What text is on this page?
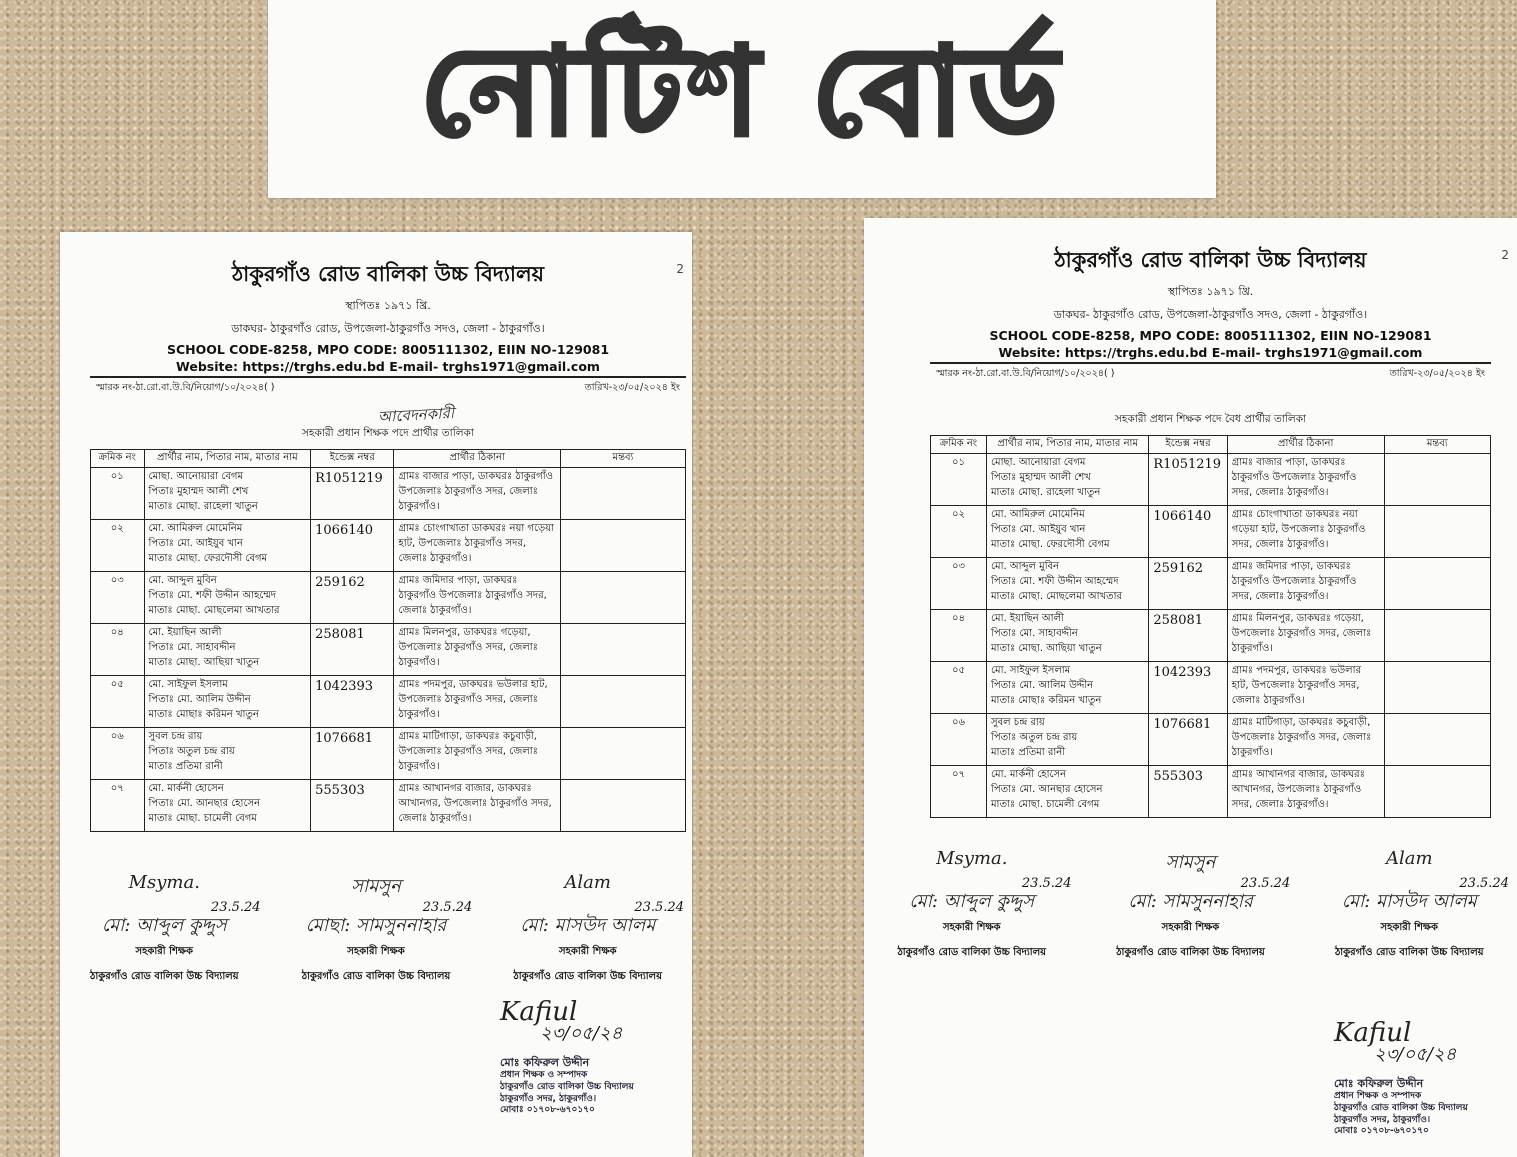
নোটিশ বোর্ড
2
ঠাকুরগাঁও রোড বালিকা উচ্চ বিদ্যালয়
স্থাপিতঃ ১৯৭১ খ্রি.
ডাকঘর- ঠাকুরগাঁও রোড, উপজেলা-ঠাকুরগাঁও সদও, জেলা - ঠাকুরগাঁও।
SCHOOL CODE-8258, MPO CODE: 8005111302, EIIN NO-129081
Website: https://trghs.edu.bd E-mail- trghs1971@gmail.com
স্মারক নং-ঠা.রো.বা.উ.বি/নিয়োগ/১০/২০২৪( )	তারিখ-২৩/০৫/২০২৪ ইং
সহকারী প্রধান শিক্ষক পদে প্রার্থীর তালিকা
আবেদনকারী
ক্রমিক নং	প্রার্থীর নাম, পিতার নাম, মাতার নাম	ইন্ডেক্স নম্বর	প্রার্থীর ঠিকানা	মন্তব্য
০১	মোছা. আনোয়ারা বেগম
পিতাঃ মুহাম্মদ আলী শেখ
মাতাঃ মোছা. রাহেলা খাতুন	R1051219	গ্রামঃ বাজার পাড়া, ডাকঘরঃ ঠাকুরগাঁও উপজেলাঃ ঠাকুরগাঁও সদর, জেলাঃ ঠাকুরগাঁও।	
০২	মো. আমিরুল মোমেনিম
পিতাঃ মো. আইয়ুব খান
মাতাঃ মোছা. ফেরদৌসী বেগম	1066140	গ্রামঃ চোংগাখাতা ডাকঘরঃ নয়া গড়েয়া হাট, উপজেলাঃ ঠাকুরগাঁও সদর, জেলাঃ ঠাকুরগাঁও।	
০৩	মো. আব্দুল মুবিন
পিতাঃ মো. শফী উদ্দীন আহম্মেদ
মাতাঃ মোছা. মোছলেমা আখতার	259162	গ্রামঃ জমিদার পাড়া, ডাকঘরঃ ঠাকুরগাঁও উপজেলাঃ ঠাকুরগাঁও সদর, জেলাঃ ঠাকুরগাঁও।	
০৪	মো. ইয়াছিন আলী
পিতাঃ মো. সাহাবদ্দীন
মাতাঃ মোছা. আছিয়া খাতুন	258081	গ্রামঃ মিলনপুর, ডাকঘরঃ গড়েয়া, উপজেলাঃ ঠাকুরগাঁও সদর, জেলাঃ ঠাকুরগাঁও।	
০৫	মো. সাইফুল ইসলাম
পিতাঃ মো. আলিম উদ্দীন
মাতাঃ মোছাঃ করিমন খাতুন	1042393	গ্রামঃ পদমপুর, ডাকঘরঃ ভউলার হাট, উপজেলাঃ ঠাকুরগাঁও সদর, জেলাঃ ঠাকুরগাঁও।	
০৬	সুবল চন্দ্র রায়
পিতাঃ অতুল চন্দ্র রায়
মাতাঃ প্রতিমা রানী	1076681	গ্রামঃ মাটিগাড়া, ডাকঘরঃ কচুবাড়ী, উপজেলাঃ ঠাকুরগাঁও সদর, জেলাঃ ঠাকুরগাঁও।	
০৭	মো. মার্কনী হোসেন
পিতাঃ মো. আনছার হোসেন
মাতাঃ মোছা. চামেলী বেগম	555303	গ্রামঃ আখানগর বাজার, ডাকঘরঃ আখানগর, উপজেলাঃ ঠাকুরগাঁও সদর, জেলাঃ ঠাকুরগাঁও।	
Msyma.
23.5.24
মো: আব্দুল কুদ্দুস
সহকারী শিক্ষক
ঠাকুরগাঁও রোড বালিকা উচ্চ বিদ্যালয়
সামসুন
23.5.24
মোছা: সামসুননাহার
সহকারী শিক্ষক
ঠাকুরগাঁও রোড বালিকা উচ্চ বিদ্যালয়
Alam
23.5.24
মো: মাসউদ আলম
সহকারী শিক্ষক
ঠাকুরগাঁও রোড বালিকা উচ্চ বিদ্যালয়
Kafiul
২৩/০৫/২৪
মোঃ কফিরুল উদ্দীন
প্রধান শিক্ষক ও সম্পাদক
ঠাকুরগাঁও রোড বালিকা উচ্চ বিদ্যালয়
ঠাকুরগাঁও সদর, ঠাকুরগাঁও।
মোবাঃ ০১৭০৮-৬৭০১৭০
2
ঠাকুরগাঁও রোড বালিকা উচ্চ বিদ্যালয়
স্থাপিতঃ ১৯৭১ খ্রি.
ডাকঘর- ঠাকুরগাঁও রোড, উপজেলা-ঠাকুরগাঁও সদও, জেলা - ঠাকুরগাঁও।
SCHOOL CODE-8258, MPO CODE: 8005111302, EIIN NO-129081
Website: https://trghs.edu.bd E-mail- trghs1971@gmail.com
স্মারক নং-ঠা.রো.বা.উ.বি/নিয়োগ/১০/২০২৪( )	তারিখ-২৩/০৫/২০২৪ ইং
সহকারী প্রধান শিক্ষক পদে বৈধ প্রার্থীর তালিকা
ক্রমিক নং	প্রার্থীর নাম, পিতার নাম, মাতার নাম	ইন্ডেক্স নম্বর	প্রার্থীর ঠিকানা	মন্তব্য
০১	মোছা. আনোয়ারা বেগম
পিতাঃ মুহাম্মদ আলী শেখ
মাতাঃ মোছা. রাহেলা খাতুন	R1051219	গ্রামঃ বাজার পাড়া, ডাকঘরঃ ঠাকুরগাঁও উপজেলাঃ ঠাকুরগাঁও সদর, জেলাঃ ঠাকুরগাঁও।	
০২	মো. আমিরুল মোমেনিম
পিতাঃ মো. আইয়ুব খান
মাতাঃ মোছা. ফেরদৌসী বেগম	1066140	গ্রামঃ চোংগাখাতা ডাকঘরঃ নয়া গড়েয়া হাট, উপজেলাঃ ঠাকুরগাঁও সদর, জেলাঃ ঠাকুরগাঁও।	
০৩	মো. আব্দুল মুবিন
পিতাঃ মো. শফী উদ্দীন আহম্মেদ
মাতাঃ মোছা. মোছলেমা আখতার	259162	গ্রামঃ জমিদার পাড়া, ডাকঘরঃ ঠাকুরগাঁও উপজেলাঃ ঠাকুরগাঁও সদর, জেলাঃ ঠাকুরগাঁও।	
০৪	মো. ইয়াছিন আলী
পিতাঃ মো. সাহাবদ্দীন
মাতাঃ মোছা. আছিয়া খাতুন	258081	গ্রামঃ মিলনপুর, ডাকঘরঃ গড়েয়া, উপজেলাঃ ঠাকুরগাঁও সদর, জেলাঃ ঠাকুরগাঁও।	
০৫	মো. সাইফুল ইসলাম
পিতাঃ মো. আলিম উদ্দীন
মাতাঃ মোছাঃ করিমন খাতুন	1042393	গ্রামঃ পদমপুর, ডাকঘরঃ ভউলার হাট, উপজেলাঃ ঠাকুরগাঁও সদর, জেলাঃ ঠাকুরগাঁও।	
০৬	সুবল চন্দ্র রায়
পিতাঃ অতুল চন্দ্র রায়
মাতাঃ প্রতিমা রানী	1076681	গ্রামঃ মাটিগাড়া, ডাকঘরঃ কচুবাড়ী, উপজেলাঃ ঠাকুরগাঁও সদর, জেলাঃ ঠাকুরগাঁও।	
০৭	মো. মার্কনী হোসেন
পিতাঃ মো. আনছার হোসেন
মাতাঃ মোছা. চামেলী বেগম	555303	গ্রামঃ আখানগর বাজার, ডাকঘরঃ আখানগর, উপজেলাঃ ঠাকুরগাঁও সদর, জেলাঃ ঠাকুরগাঁও।	
Msyma.
23.5.24
মো: আব্দুল কুদ্দুস
সহকারী শিক্ষক
ঠাকুরগাঁও রোড বালিকা উচ্চ বিদ্যালয়
সামসুন
23.5.24
মো: সামসুননাহার
সহকারী শিক্ষক
ঠাকুরগাঁও রোড বালিকা উচ্চ বিদ্যালয়
Alam
23.5.24
মো: মাসউদ আলম
সহকারী শিক্ষক
ঠাকুরগাঁও রোড বালিকা উচ্চ বিদ্যালয়
Kafiul
২৩/০৫/২৪
মোঃ কফিরুল উদ্দীন
প্রধান শিক্ষক ও সম্পাদক
ঠাকুরগাঁও রোড বালিকা উচ্চ বিদ্যালয়
ঠাকুরগাঁও সদর, ঠাকুরগাঁও।
মোবাঃ ০১৭০৮-৬৭০১৭০
